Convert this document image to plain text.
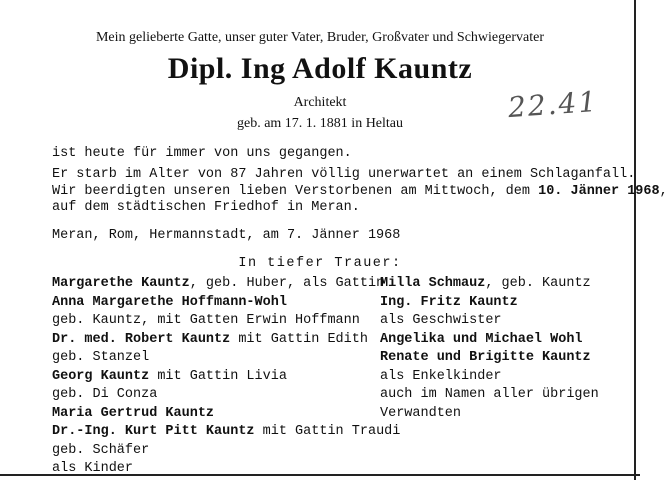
Mein gelieberte Gatte, unser guter Vater, Bruder, Großvater und Schwiegervater
Dipl. Ing Adolf Kauntz
Architekt
geb. am 17. 1. 1881 in Heltau	22.41
ist heute für immer von uns gegangen.
Er starb im Alter von 87 Jahren völlig unerwartet an einem Schlaganfall.
Wir beerdigten unseren lieben Verstorbenen am Mittwoch, dem 10. Jänner 1968,
auf dem städtischen Friedhof in Meran.
Meran, Rom, Hermannstadt, am 7. Jänner 1968
In tiefer Trauer:
Margarethe Kauntz, geb. Huber, als Gattin
Anna Margarethe Hoffmann-Wohl
geb. Kauntz, mit Gatten Erwin Hoffmann
Dr. med. Robert Kauntz mit Gattin Edith
geb. Stanzel
Georg Kauntz mit Gattin Livia
geb. Di Conza
Maria Gertrud Kauntz
Dr.-Ing. Kurt Pitt Kauntz mit Gattin Traudi
geb. Schäfer
als Kinder
Milla Schmauz, geb. Kauntz
Ing. Fritz Kauntz
als Geschwister
Angelika und Michael Wohl
Renate und Brigitte Kauntz
als Enkelkinder
auch im Namen aller übrigen
Verwandten
